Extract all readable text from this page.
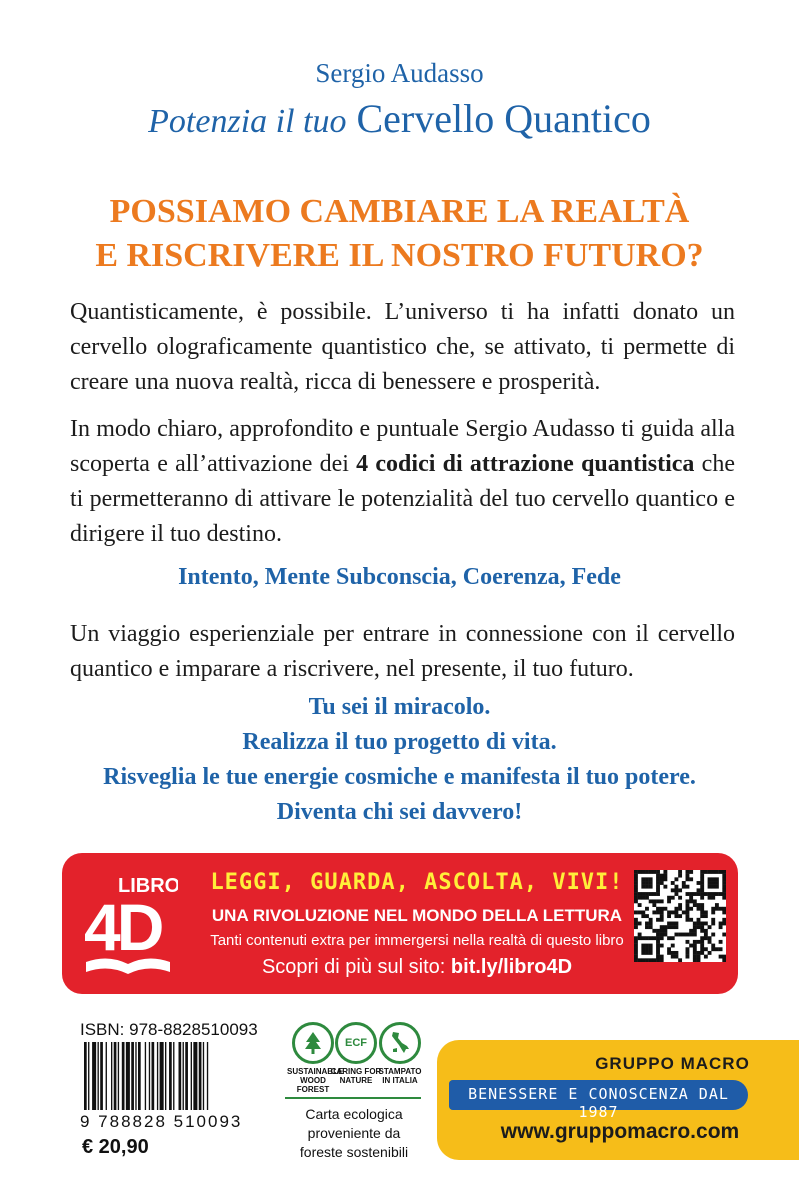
Sergio Audasso
Potenzia il tuo Cervello Quantico
POSSIAMO CAMBIARE LA REALTÀ
E RISCRIVERE IL NOSTRO FUTURO?
Quantisticamente, è possibile. L’universo ti ha infatti donato un cervello olograficamente quantistico che, se attivato, ti permette di creare una nuova realtà, ricca di benessere e prosperità.
In modo chiaro, approfondito e puntuale Sergio Audasso ti guida alla scoperta e all’attivazione dei 4 codici di attrazione quantistica che ti permetteranno di attivare le potenzialità del tuo cervello quantico e dirigere il tuo destino.
Intento, Mente Subconscia, Coerenza, Fede
Un viaggio esperienziale per entrare in connessione con il cervello quantico e imparare a riscrivere, nel presente, il tuo futuro.
Tu sei il miracolo.
Realizza il tuo progetto di vita.
Risveglia le tue energie cosmiche e manifesta il tuo potere.
Diventa chi sei davvero!
LIBRO
4D
LEGGI, GUARDA, ASCOLTA, VIVI!
UNA RIVOLUZIONE NEL MONDO DELLA LETTURA
Tanti contenuti extra per immergersi nella realtà di questo libro
Scopri di più sul sito: bit.ly/libro4D
ISBN: 978-8828510093
9 788828 510093
€ 20,90
SUSTAINABLE WOOD FOREST
ECF
CARING FOR NATURE
STAMPATO IN ITALIA
Carta ecologica proveniente da foreste sostenibili
GRUPPO MACRO
BENESSERE E CONOSCENZA DAL 1987
www.gruppomacro.com
